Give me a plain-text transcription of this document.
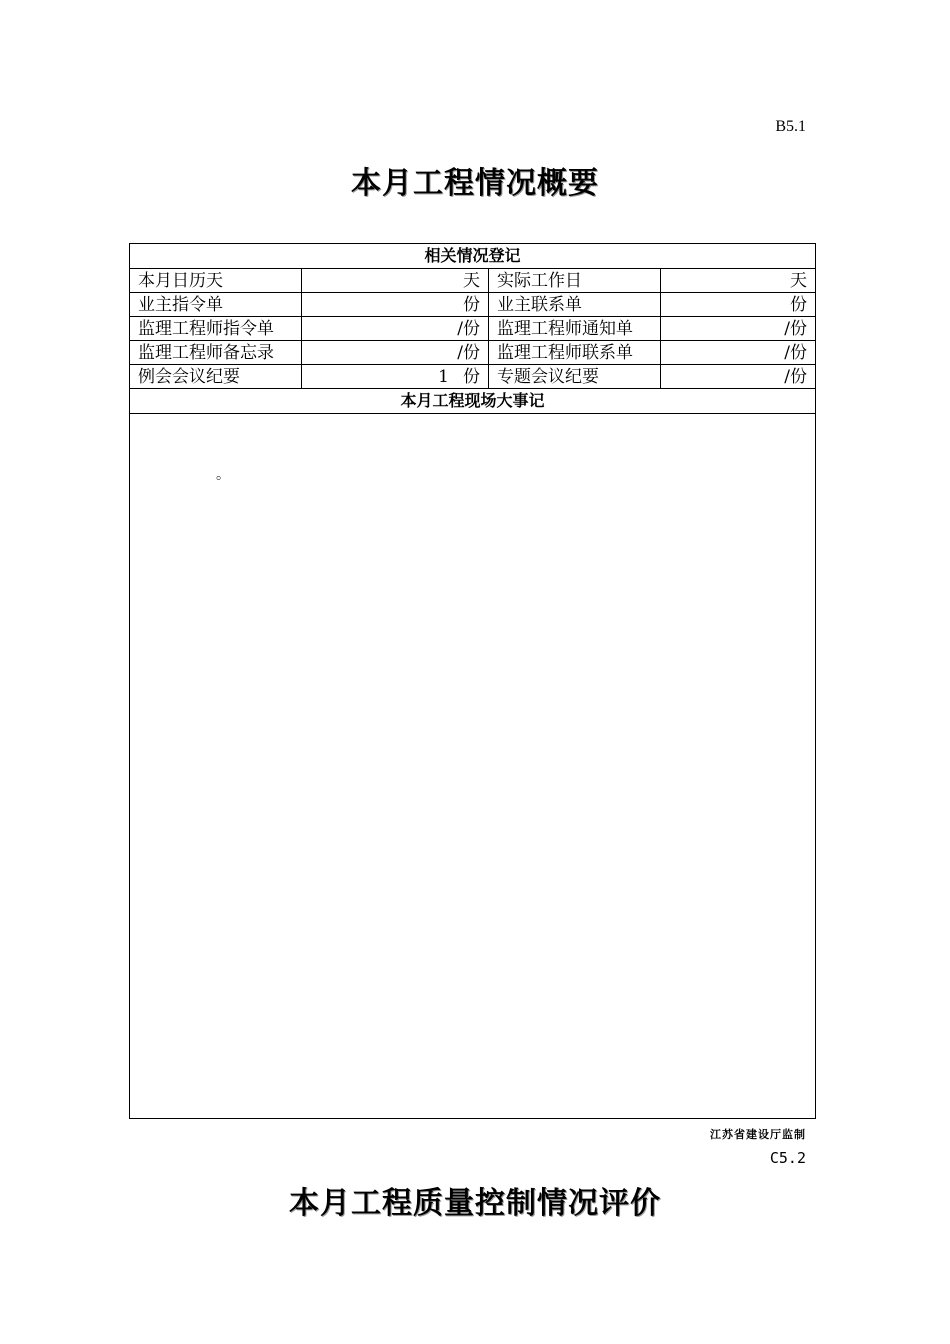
B5.1
本月工程情况概要
相关情况登记			
本月日历天	天	实际工作日	天
业主指令单	份	业主联系单	份
监理工程师指令单	/份	监理工程师通知单	/份
监理工程师备忘录	/份	监理工程师联系单	/份
例会会议纪要	1 份	专题会议纪要	/份
本月工程现场大事记			

。			
江苏省建设厅监制
C5.2
本月工程质量控制情况评价
